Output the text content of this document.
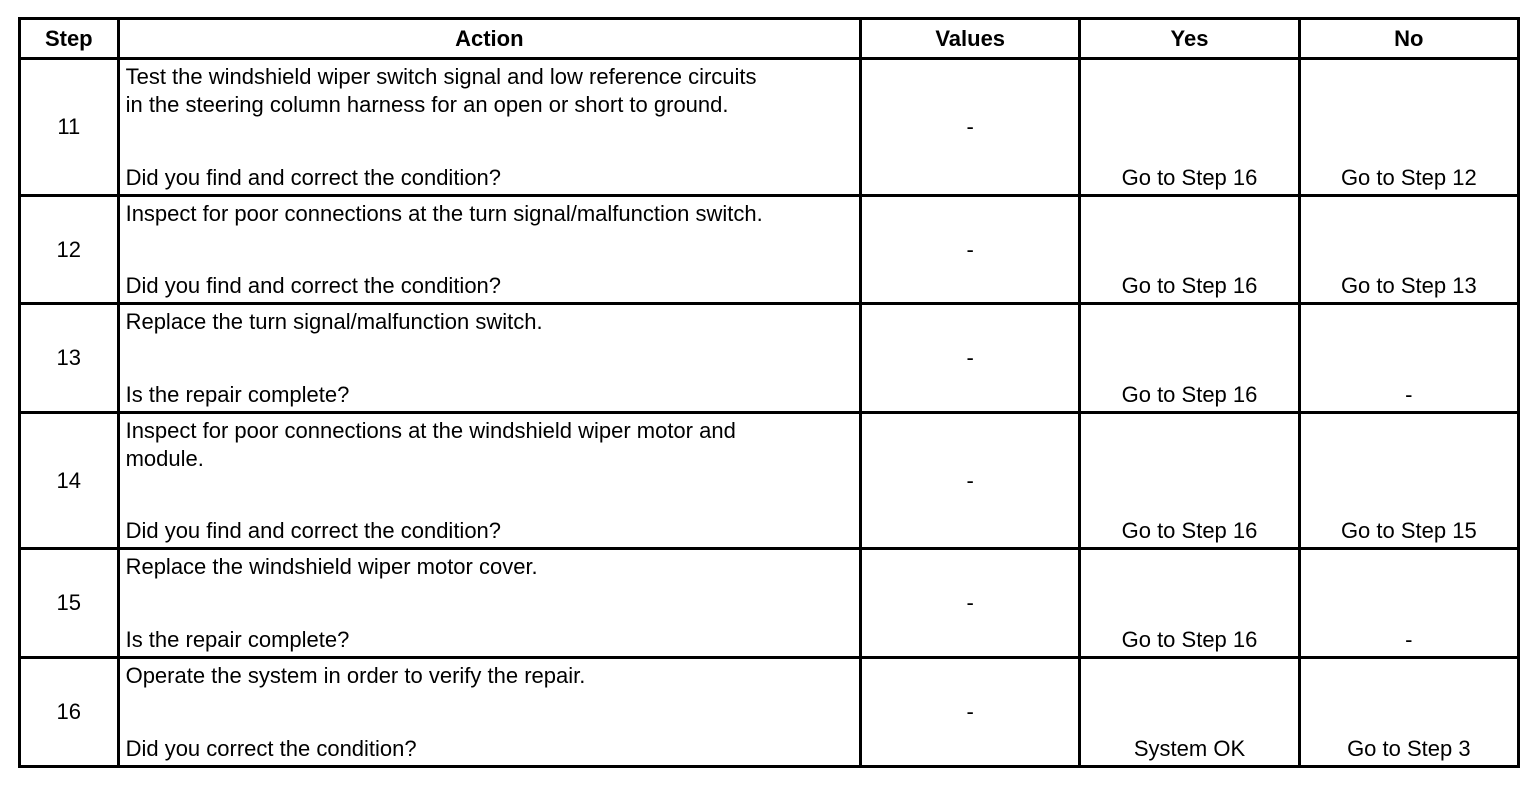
Step	Action	Values	Yes	No
11	Test the windshield wiper switch signal and low reference circuits
in the steering column harness for an open or short to ground.
Did you find and correct the condition?	-	Go to Step 16	Go to Step 12
12	Inspect for poor connections at the turn signal/malfunction switch.
Did you find and correct the condition?	-	Go to Step 16	Go to Step 13
13	Replace the turn signal/malfunction switch.
Is the repair complete?	-	Go to Step 16	-
14	Inspect for poor connections at the windshield wiper motor and
module.
Did you find and correct the condition?	-	Go to Step 16	Go to Step 15
15	Replace the windshield wiper motor cover.
Is the repair complete?	-	Go to Step 16	-
16	Operate the system in order to verify the repair.
Did you correct the condition?	-	System OK	Go to Step 3
